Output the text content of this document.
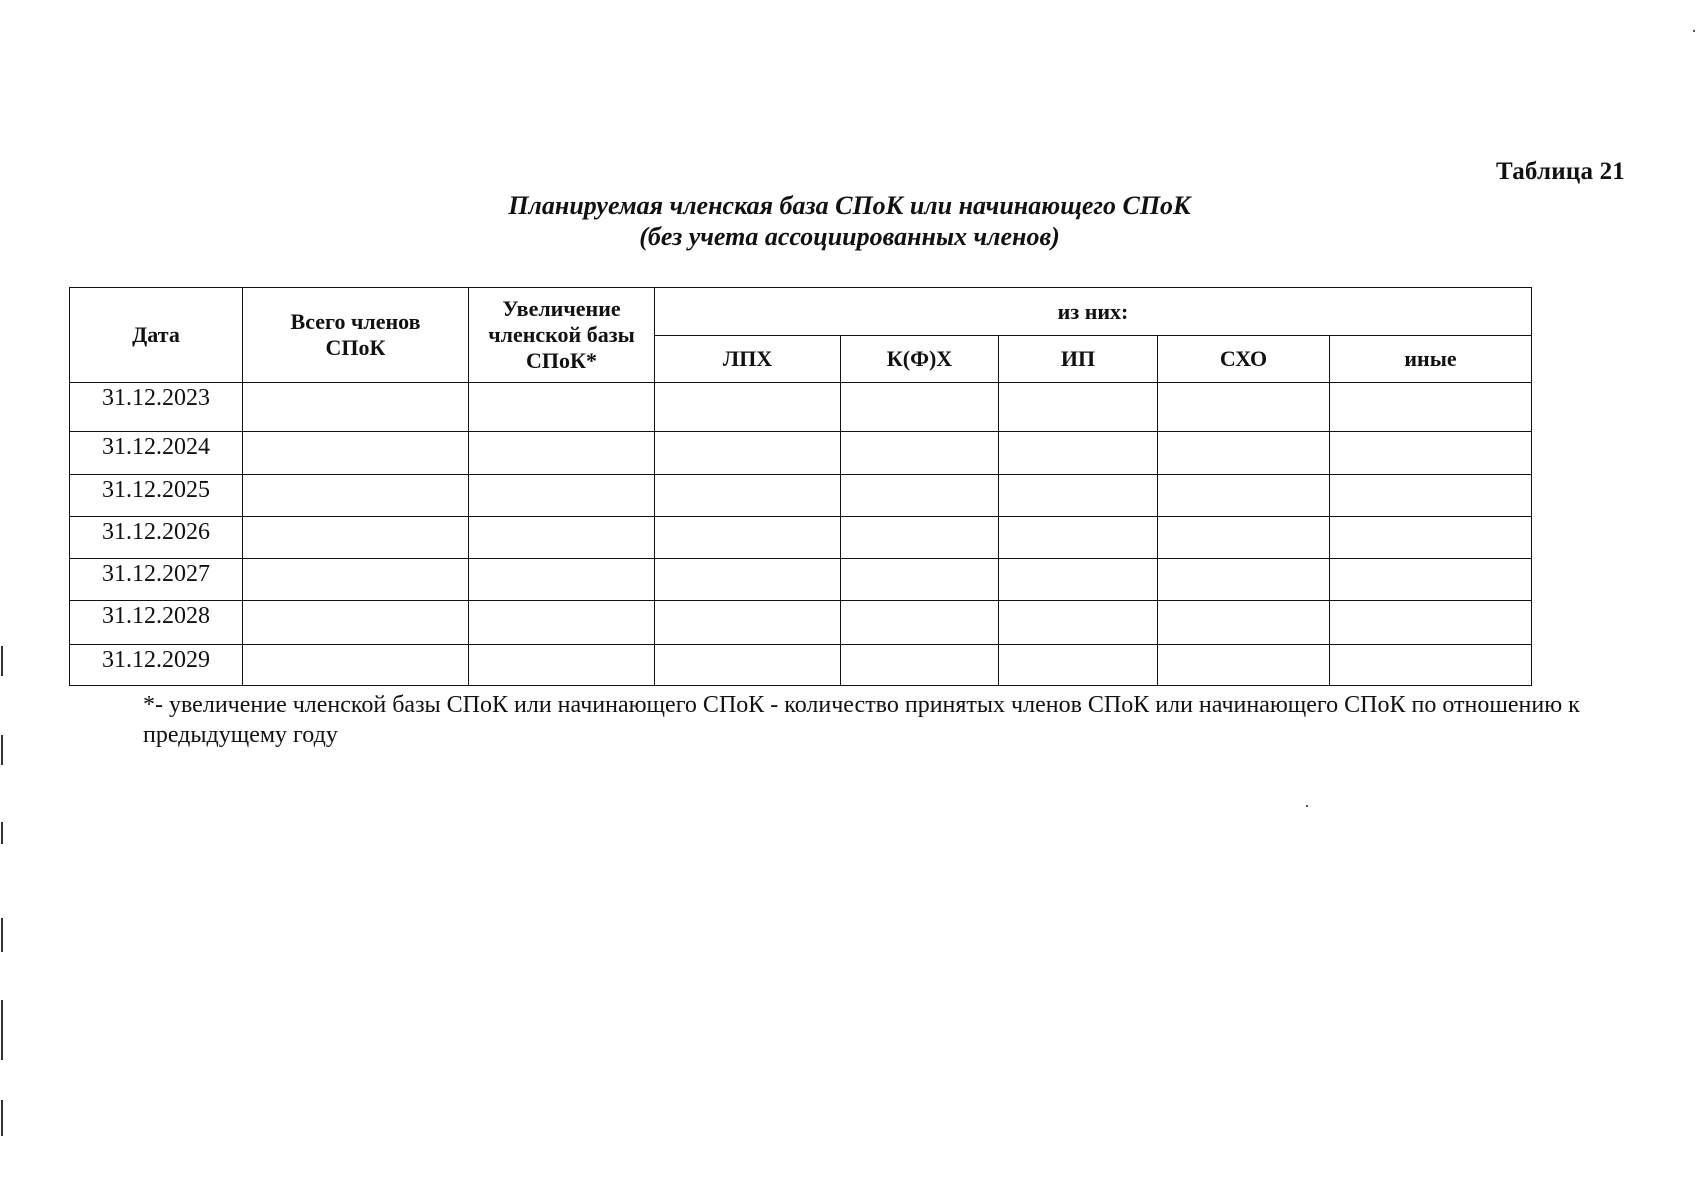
Таблица 21
Планируемая членская база СПоК или начинающего СПоК
(без учета ассоциированных членов)
Дата	Всего членов СПоК	Увеличение членской базы СПоК*	из них:				
			ЛПХ	К(Ф)Х	ИП	СХО	иные
31.12.2023							
31.12.2024							
31.12.2025							
31.12.2026							
31.12.2027							
31.12.2028							
31.12.2029							
*- увеличение членской базы СПоК или начинающего СПоК - количество принятых членов СПоК или начинающего СПоК по отношению к предыдущему году
